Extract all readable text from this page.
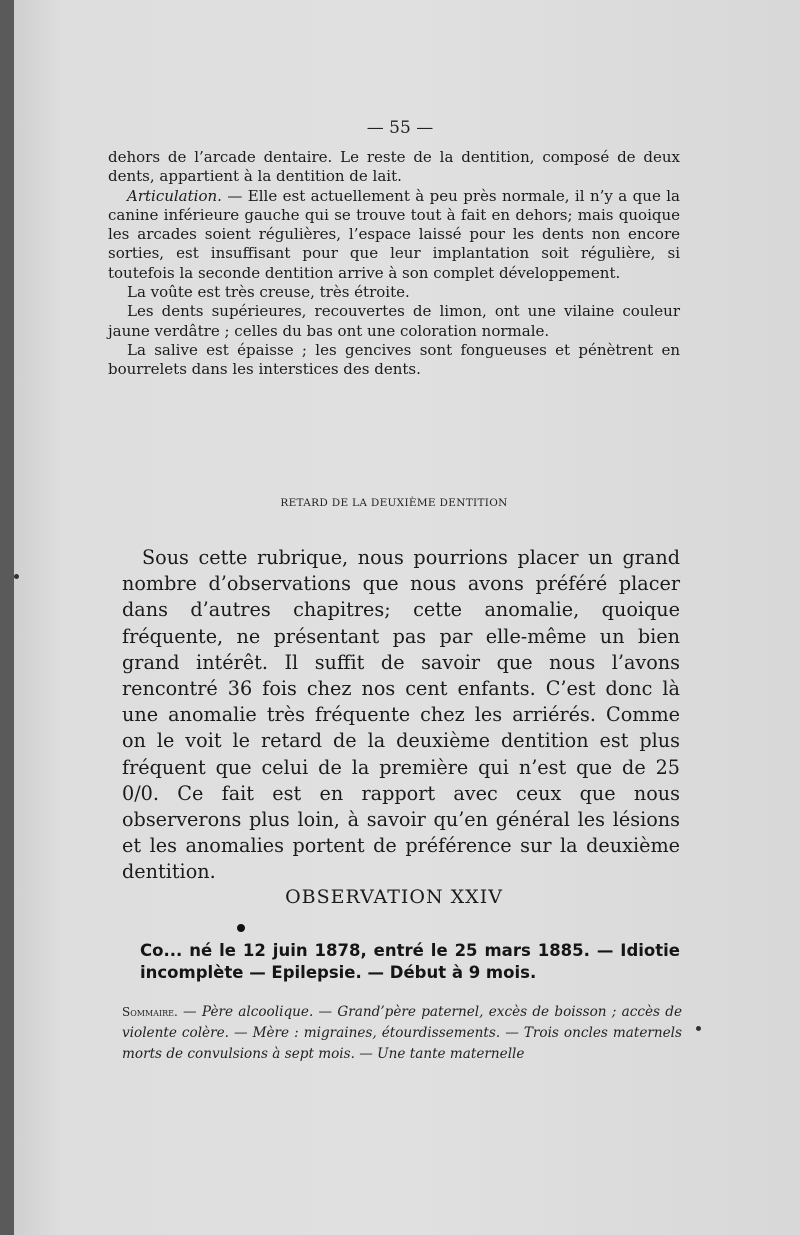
— 55 —

dehors de l’arcade dentaire. Le reste de la dentition, composé de deux dents, appartient à la dentition de lait.

Articulation. — Elle est actuellement à peu près normale, il n’y a que la canine inférieure gauche qui se trouve tout à fait en dehors; mais quoique les arcades soient régulières, l’espace laissé pour les dents non encore sorties, est insuffisant pour que leur implantation soit régulière, si toutefois la seconde dentition arrive à son complet développement.

La voûte est très creuse, très étroite.

Les dents supérieures, recouvertes de limon, ont une vilaine couleur jaune verdâtre ; celles du bas ont une coloration normale.

La salive est épaisse ; les gencives sont fongueuses et pénètrent en bourrelets dans les interstices des dents.

RETARD DE LA DEUXIÈME DENTITION

Sous cette rubrique, nous pourrions placer un grand nombre d’observations que nous avons préféré placer dans d’autres chapitres; cette anomalie, quoique fréquente, ne présentant pas par elle-même un bien grand intérêt. Il suffit de savoir que nous l’avons rencontré 36 fois chez nos cent enfants. C’est donc là une anomalie très fréquente chez les arriérés. Comme on le voit le retard de la deuxième dentition est plus fréquent que celui de la première qui n’est que de 25 0/0. Ce fait est en rapport avec ceux que nous observerons plus loin, à savoir qu’en général les lésions et les anomalies portent de préférence sur la deuxième dentition.

OBSERVATION XXIV

Co... né le 12 juin 1878, entré le 25 mars 1885. — Idiotie incomplète — Epilepsie. — Début à 9 mois.

Sommaire. — Père alcoolique. — Grand’père paternel, excès de boisson ; accès de violente colère. — Mère : migraines, étourdissements. — Trois oncles maternels morts de convulsions à sept mois. — Une tante maternelle
